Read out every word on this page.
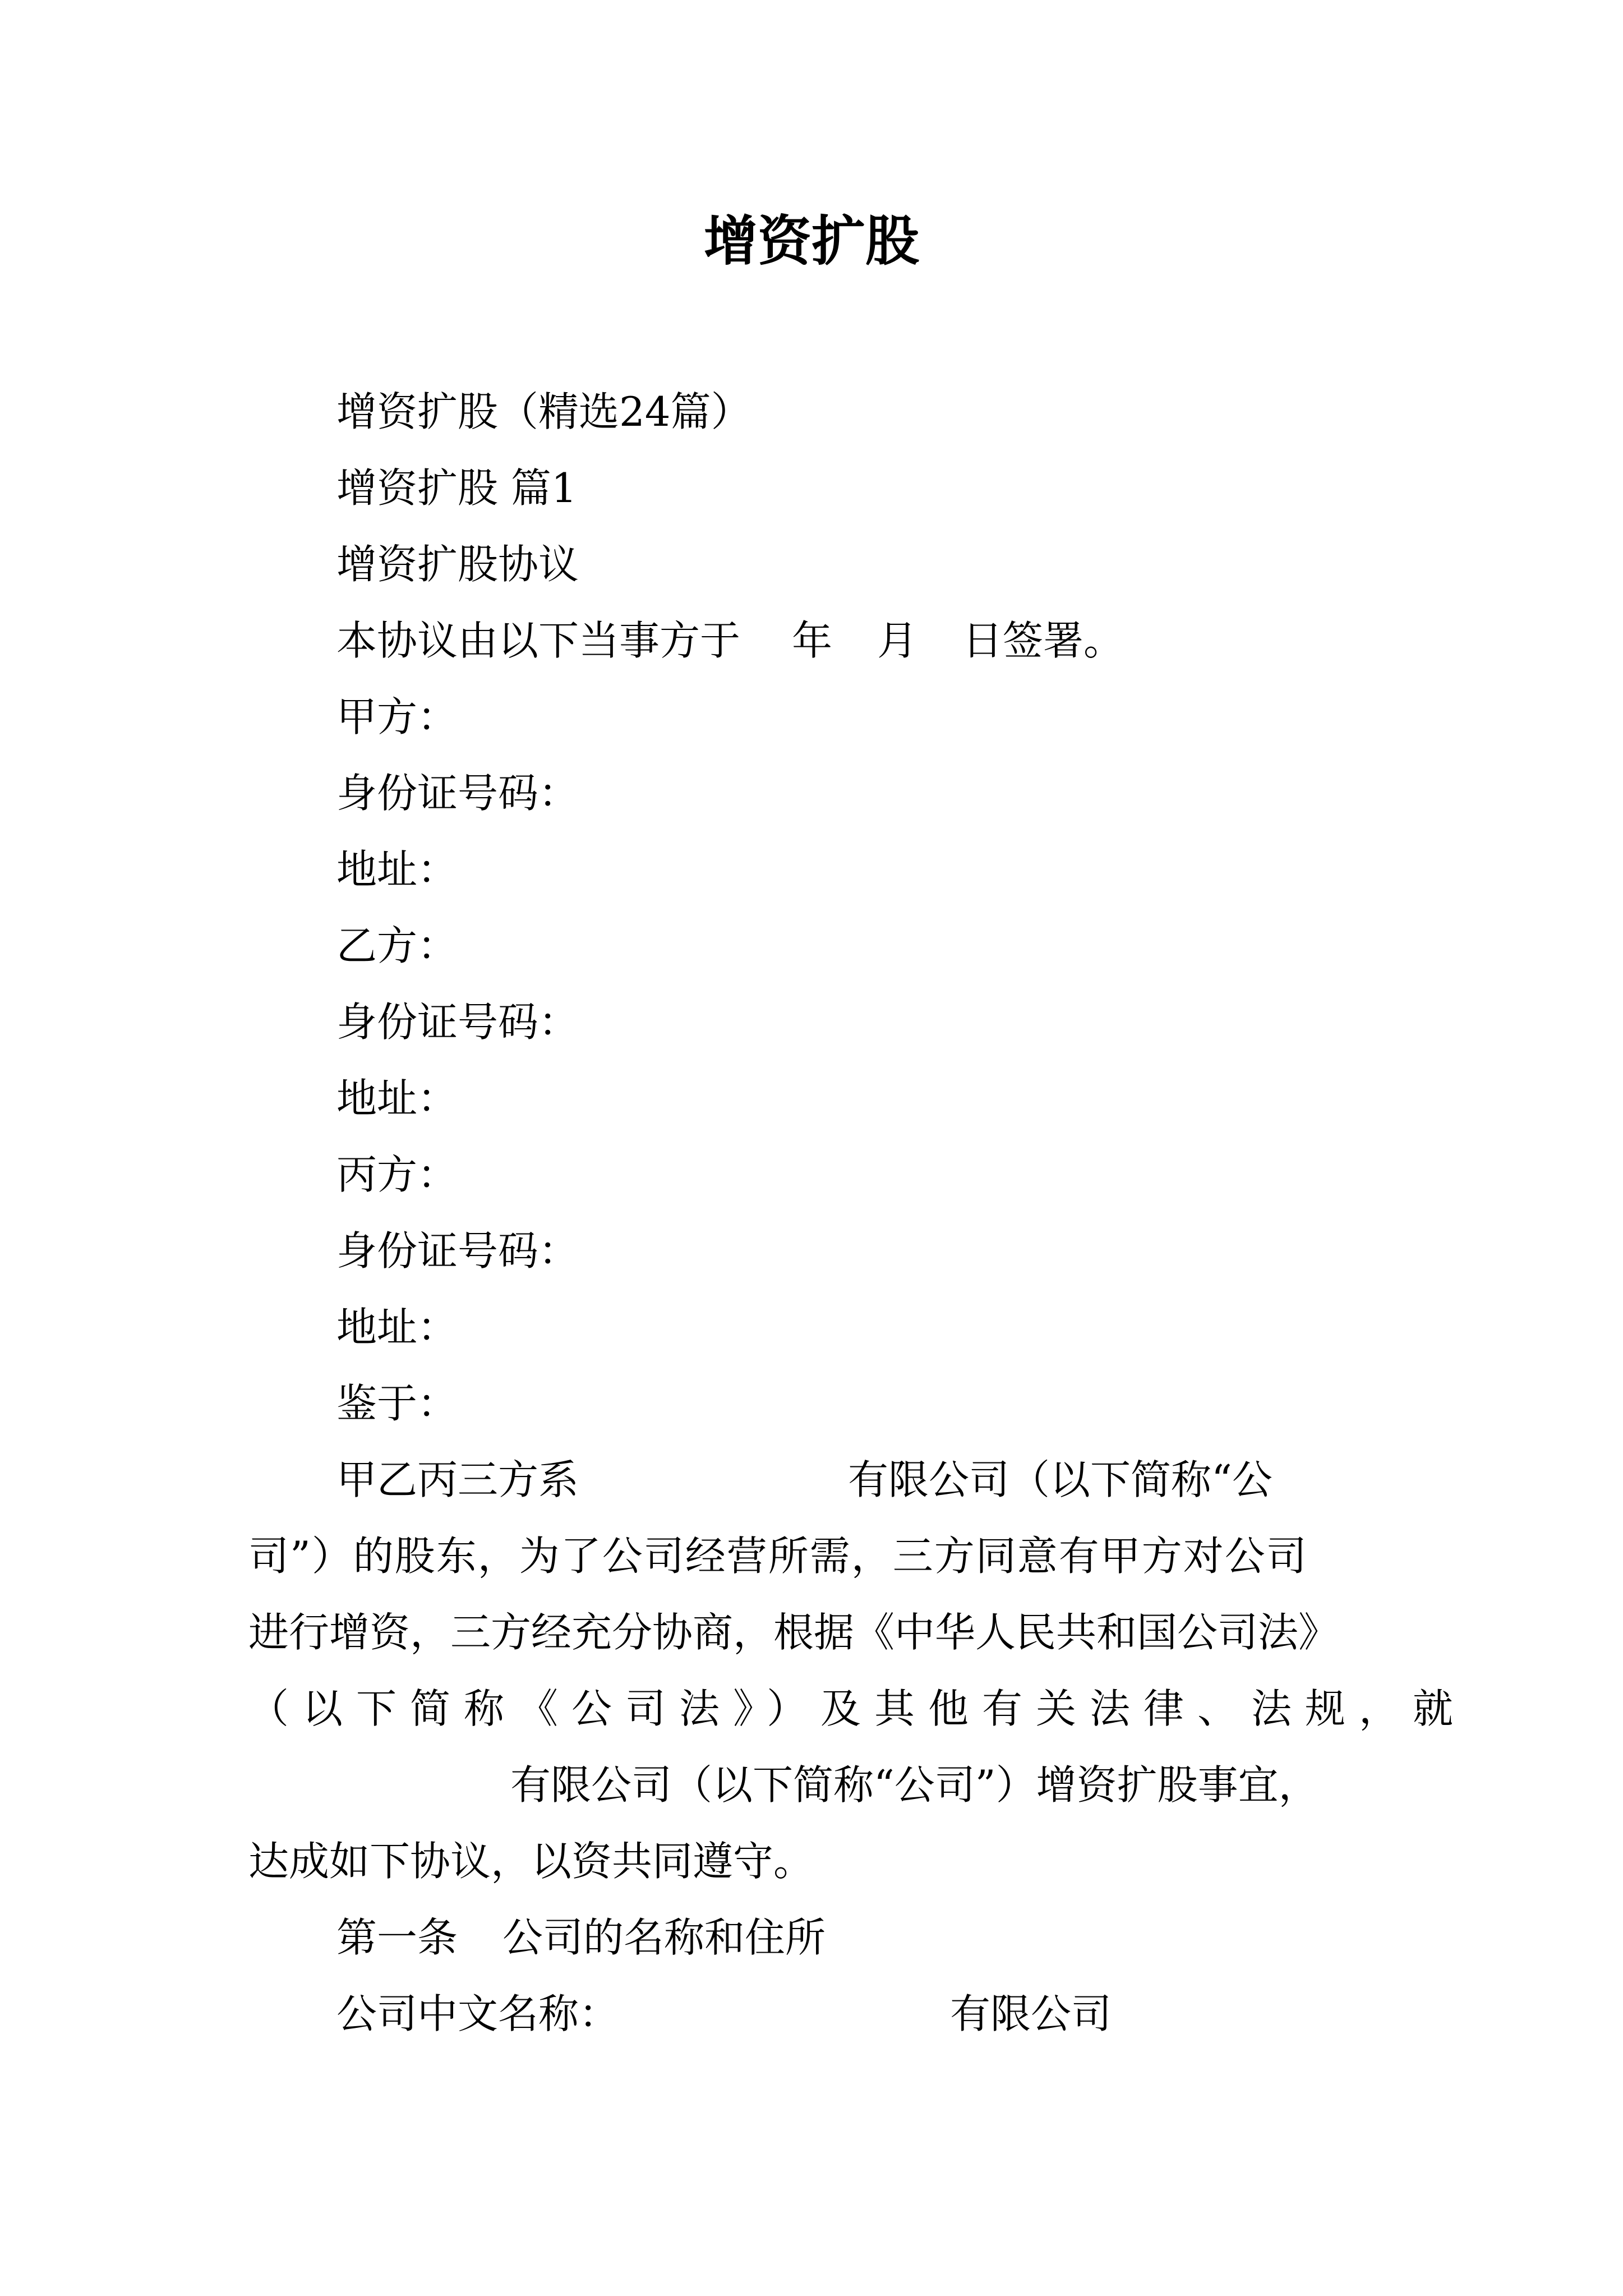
增资扩股
增资扩股（精选24篇）
增资扩股 篇1
增资扩股协议
本协议由以下当事方于 年 月 日签署。
甲方：
身份证号码：
地址：
乙方：
身份证号码：
地址：
丙方：
身份证号码：
地址：
鉴于：
甲乙丙三方系	有限公司（以下简称“公
司”）的股东，为了公司经营所需，三方同意有甲方对公司
进行增资，三方经充分协商，根据《中华人民共和国公司法》
（以下简称《公司法》）及其他有关法律、法规，就
有限公司（以下简称“公司”）增资扩股事宜，
达成如下协议，以资共同遵守。
第一条 公司的名称和住所
公司中文名称：	有限公司
